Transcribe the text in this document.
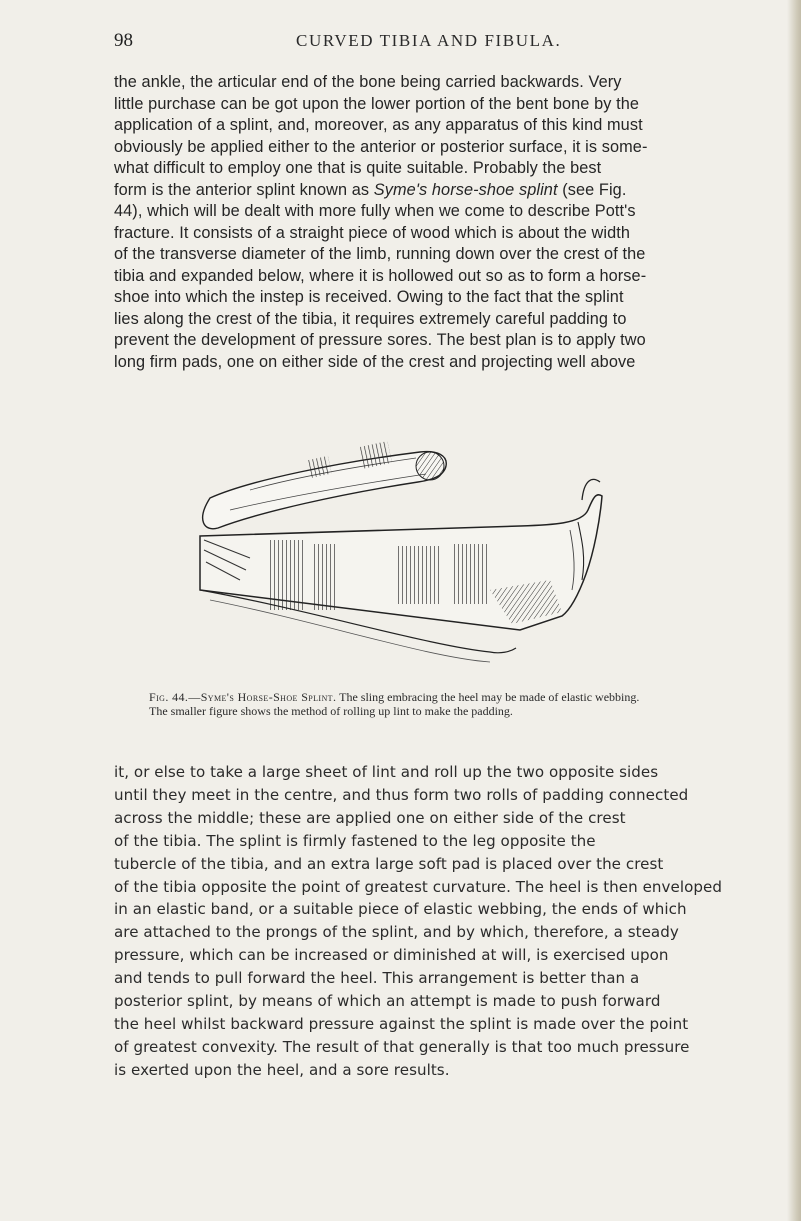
98	CURVED TIBIA AND FIBULA.

the ankle, the articular end of the bone being carried backwards. Very
little purchase can be got upon the lower portion of the bent bone by the
application of a splint, and, moreover, as any apparatus of this kind must
obviously be applied either to the anterior or posterior surface, it is some-
what difficult to employ one that is quite suitable. Probably the best
form is the anterior splint known as Syme's horse-shoe splint (see Fig.
44), which will be dealt with more fully when we come to describe Pott's
fracture. It consists of a straight piece of wood which is about the width
of the transverse diameter of the limb, running down over the crest of the
tibia and expanded below, where it is hollowed out so as to form a horse-
shoe into which the instep is received. Owing to the fact that the splint
lies along the crest of the tibia, it requires extremely careful padding to
prevent the development of pressure sores. The best plan is to apply two
long firm pads, one on either side of the crest and projecting well above

Fig. 44.—Syme's Horse-Shoe Splint. The sling embracing the heel may be made of elastic webbing. The smaller figure shows the method of rolling up lint to make the padding.

it, or else to take a large sheet of lint and roll up the two opposite sides
until they meet in the centre, and thus form two rolls of padding connected
across the middle; these are applied one on either side of the crest
of the tibia. The splint is firmly fastened to the leg opposite the
tubercle of the tibia, and an extra large soft pad is placed over the crest
of the tibia opposite the point of greatest curvature. The heel is then enveloped
in an elastic band, or a suitable piece of elastic webbing, the ends of which
are attached to the prongs of the splint, and by which, therefore, a steady
pressure, which can be increased or diminished at will, is exercised upon
and tends to pull forward the heel. This arrangement is better than a
posterior splint, by means of which an attempt is made to push forward
the heel whilst backward pressure against the splint is made over the point
of greatest convexity. The result of that generally is that too much pressure
is exerted upon the heel, and a sore results.
